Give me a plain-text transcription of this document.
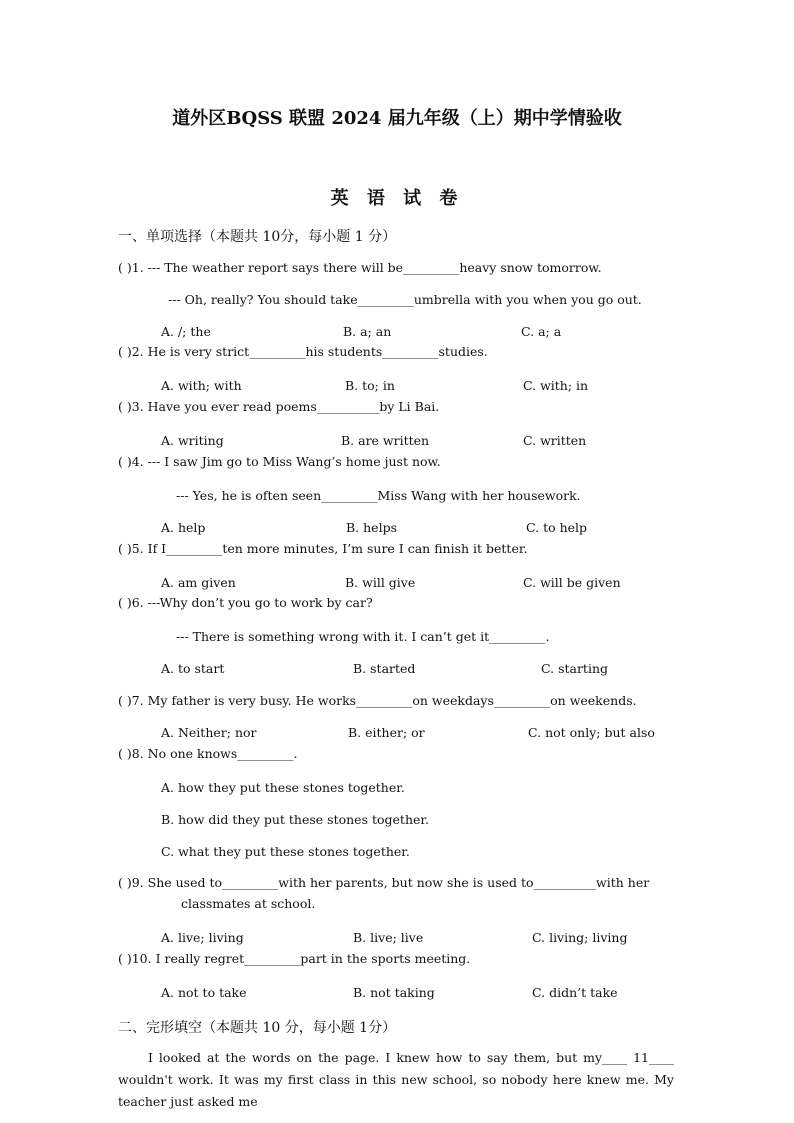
道外区BQSS 联盟 2024 届九年级（上）期中学情验收
英 语 试 卷
一、单项选择（本题共 10分，每小题 1 分）
( )1. --- The weather report says there will be_________heavy snow tomorrow.
--- Oh, really? You should take_________umbrella with you when you go out.
A. /; the	B. a; an	C. a; a
( )2. He is very strict_________his students_________studies.
A. with; with	B. to; in	C. with; in
( )3. Have you ever read poems__________by Li Bai.
A. writing	B. are written	C. written
( )4. --- I saw Jim go to Miss Wang’s home just now.
--- Yes, he is often seen_________Miss Wang with her housework.
A. help	B. helps	C. to help
( )5. If I_________ten more minutes, I’m sure I can finish it better.
A. am given	B. will give	C. will be given
( )6. ---Why don’t you go to work by car?
--- There is something wrong with it. I can’t get it_________.
A. to start	B. started	C. starting
( )7. My father is very busy. He works_________on weekdays_________on weekends.
A. Neither; nor	B. either; or	C. not only; but also
( )8. No one knows_________.
A. how they put these stones together.
B. how did they put these stones together.
C. what they put these stones together.
( )9. She used to_________with her parents, but now she is used to__________with her
classmates at school.
A. live; living	B. live; live	C. living; living
( )10. I really regret_________part in the sports meeting.
A. not to take	B. not taking	C. didn’t take
二、完形填空（本题共 10 分，每小题 1分）
I looked at the words on the page. I knew how to say them, but my____ 11____ wouldn't work. It was my first class in this new school, so nobody here knew me. My teacher just asked me
